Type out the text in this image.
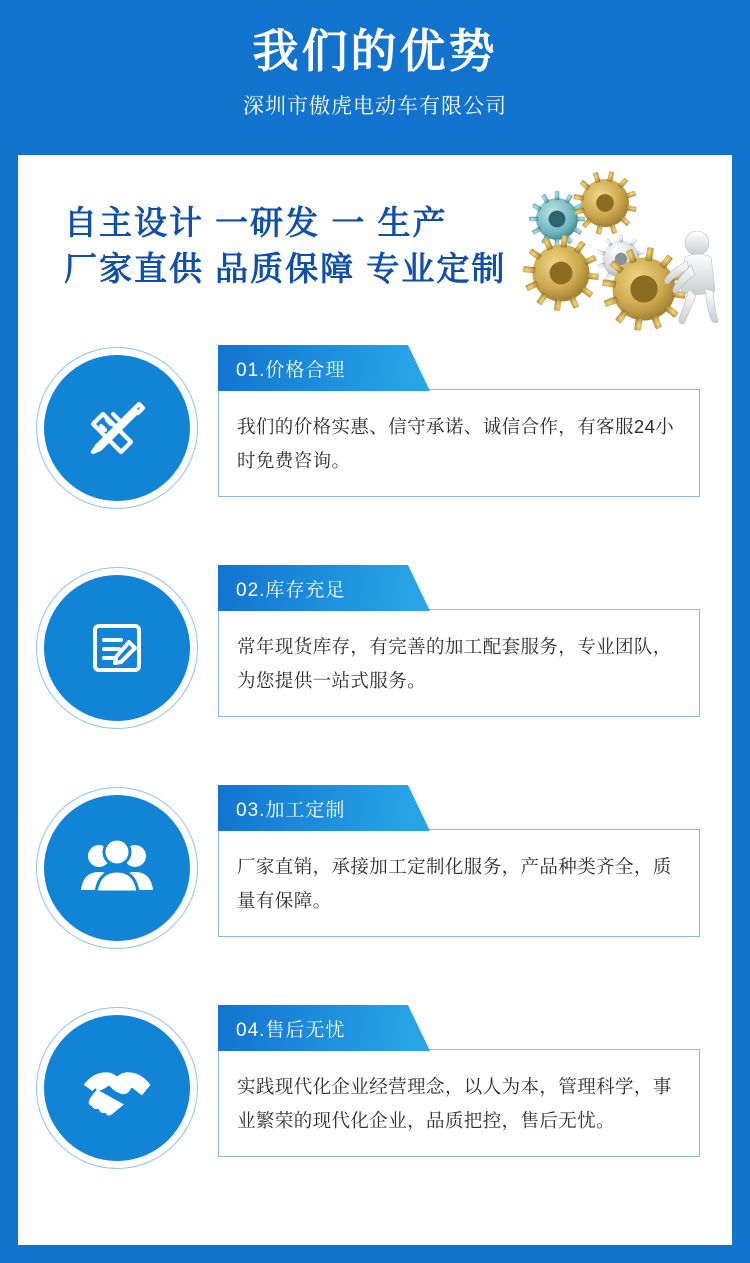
我们的优势
深圳市傲虎电动车有限公司
自主设计 一研发 一 生产
厂家直供 品质保障 专业定制
01.价格合理
我们的价格实惠、信守承诺、诚信合作，有客服24小时免费咨询。
02.库存充足
常年现货库存，有完善的加工配套服务，专业团队，为您提供一站式服务。
03.加工定制
厂家直销，承接加工定制化服务，产品种类齐全，质量有保障。
04.售后无忧
实践现代化企业经营理念，以人为本，管理科学，事业繁荣的现代化企业，品质把控，售后无忧。
